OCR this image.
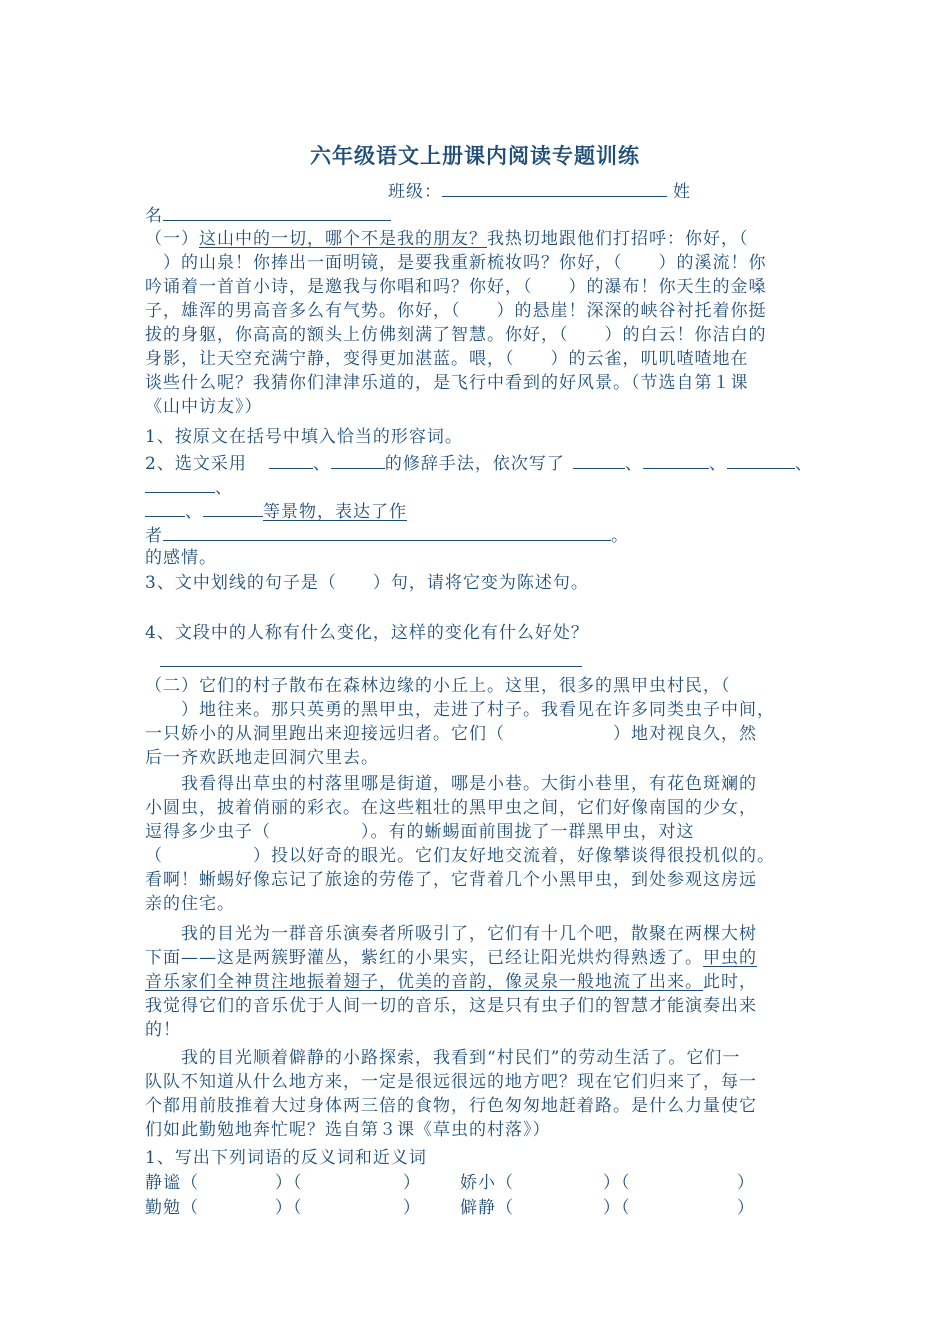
六年级语文上册课内阅读专题训练
班级：	姓
名
（一）这山中的一切，哪个不是我的朋友？我热切地跟他们打招呼：你好，（
　）的山泉！你捧出一面明镜，是要我重新梳妆吗？你好，（　　）的溪流！你
吟诵着一首首小诗，是邀我与你唱和吗？你好，（　　）的瀑布！你天生的金嗓
子，雄浑的男高音多么有气势。你好，（　　）的悬崖！深深的峡谷衬托着你挺
拔的身躯，你高高的额头上仿佛刻满了智慧。你好，（　　）的白云！你洁白的
身影，让天空充满宁静，变得更加湛蓝。喂，（　　）的云雀，叽叽喳喳地在
谈些什么呢？我猜你们津津乐道的，是飞行中看到的好风景。（节选自第１课
《山中访友》）
1、按原文在括号中填入恰当的形容词。
2、选文采用	、	的修辞手法，依次写了	、	、	、
、
、	等景物，表达了作
者	。
的感情。
3、文中划线的句子是（　　）句，请将它变为陈述句。
4、文段中的人称有什么变化，这样的变化有什么好处？
（二）它们的村子散布在森林边缘的小丘上。这里，很多的黑甲虫村民，（
　　）地往来。那只英勇的黑甲虫，走进了村子。我看见在许多同类虫子中间，
一只娇小的从洞里跑出来迎接远归者。它们（　　　　　　）地对视良久，然
后一齐欢跃地走回洞穴里去。
我看得出草虫的村落里哪是街道，哪是小巷。大街小巷里，有花色斑斓的
小圆虫，披着俏丽的彩衣。在这些粗壮的黑甲虫之间，它们好像南国的少女，
逗得多少虫子（　　　　　）。有的蜥蜴面前围拢了一群黑甲虫，对这
（　　　　　）投以好奇的眼光。它们友好地交流着，好像攀谈得很投机似的。
看啊！蜥蜴好像忘记了旅途的劳倦了，它背着几个小黑甲虫，到处参观这房远
亲的住宅。
我的目光为一群音乐演奏者所吸引了，它们有十几个吧，散聚在两棵大树
下面——这是两簇野灌丛，紫红的小果实，已经让阳光烘灼得熟透了。甲虫的
音乐家们全神贯注地振着翅子，优美的音韵，像灵泉一般地流了出来。此时，
我觉得它们的音乐优于人间一切的音乐，这是只有虫子们的智慧才能演奏出来
的！
我的目光顺着僻静的小路探索，我看到“村民们”的劳动生活了。它们一
队队不知道从什么地方来，一定是很远很远的地方吧？现在它们归来了，每一
个都用前肢推着大过身体两三倍的食物，行色匆匆地赶着路。是什么力量使它
们如此勤勉地奔忙呢？选自第３课《草虫的村落》）
1、写出下列词语的反义词和近义词
静谧（	）（	） 娇小（	）（	）
勤勉（	）（	） 僻静（	）（	）
